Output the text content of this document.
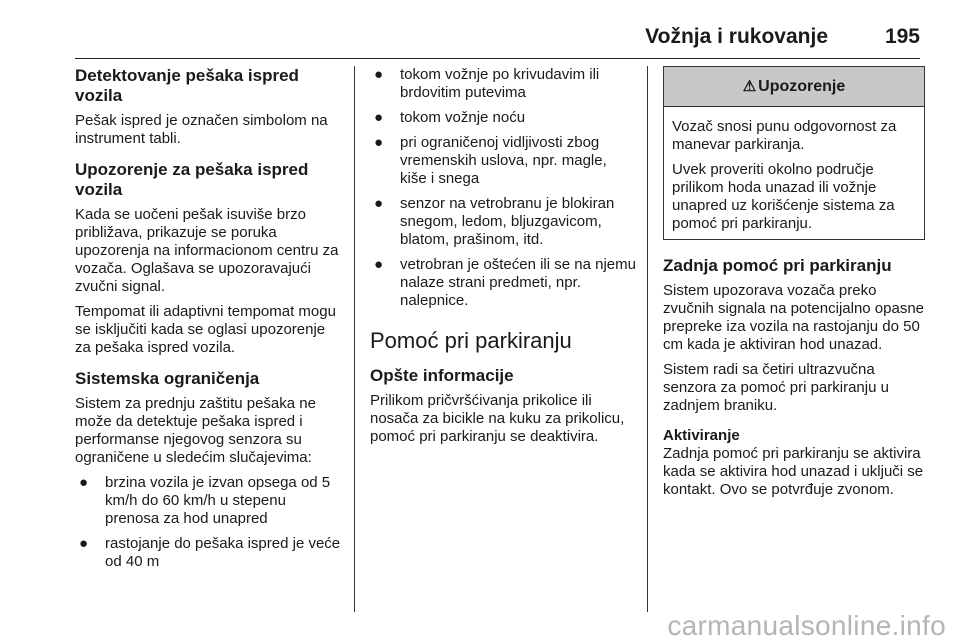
Vožnja i rukovanje	195
Detektovanje pešaka ispred vozila

Pešak ispred je označen simbolom na instrument tabli.

Upozorenje za pešaka ispred vozila

Kada se uočeni pešak isuviše brzo približava, prikazuje se poruka upozorenja na informacionom centru za vozača. Oglašava se upozoravajući zvučni signal.

Tempomat ili adaptivni tempomat mogu se isključiti kada se oglasi upozorenje za pešaka ispred vozila.

Sistemska ograničenja

Sistem za prednju zaštitu pešaka ne može da detektuje pešaka ispred i performanse njegovog senzora su ograničene u sledećim slučajevima:

● brzina vozila je izvan opsega od 5 km/h do 60 km/h u stepenu prenosa za hod unapred
● rastojanje do pešaka ispred je veće od 40 m
● tokom vožnje po krivudavim ili brdovitim putevima
● tokom vožnje noću
● pri ograničenoj vidljivosti zbog vremenskih uslova, npr. magle, kiše i snega
● senzor na vetrobranu je blokiran snegom, ledom, bljuzgavicom, blatom, prašinom, itd.
● vetrobran je oštećen ili se na njemu nalaze strani predmeti, npr. nalepnice.
Pomoć pri parkiranju
Opšte informacije

Prilikom pričvršćivanja prikolice ili nosača za bicikle na kuku za prikolicu, pomoć pri parkiranju se deaktivira.

⚠ Upozorenje

Vozač snosi punu odgovornost za manevar parkiranja.

Uvek proveriti okolno područje prilikom hoda unazad ili vožnje unapred uz korišćenje sistema za pomoć pri parkiranju.

Zadnja pomoć pri parkiranju

Sistem upozorava vozača preko zvučnih signala na potencijalno opasne prepreke iza vozila na rastojanju do 50 cm kada je aktiviran hod unazad.

Sistem radi sa četiri ultrazvučna senzora za pomoć pri parkiranju u zadnjem braniku.

Aktiviranje

Zadnja pomoć pri parkiranju se aktivira kada se aktivira hod unazad i uključi se kontakt. Ovo se potvrđuje zvonom.

carmanualsonline.info
